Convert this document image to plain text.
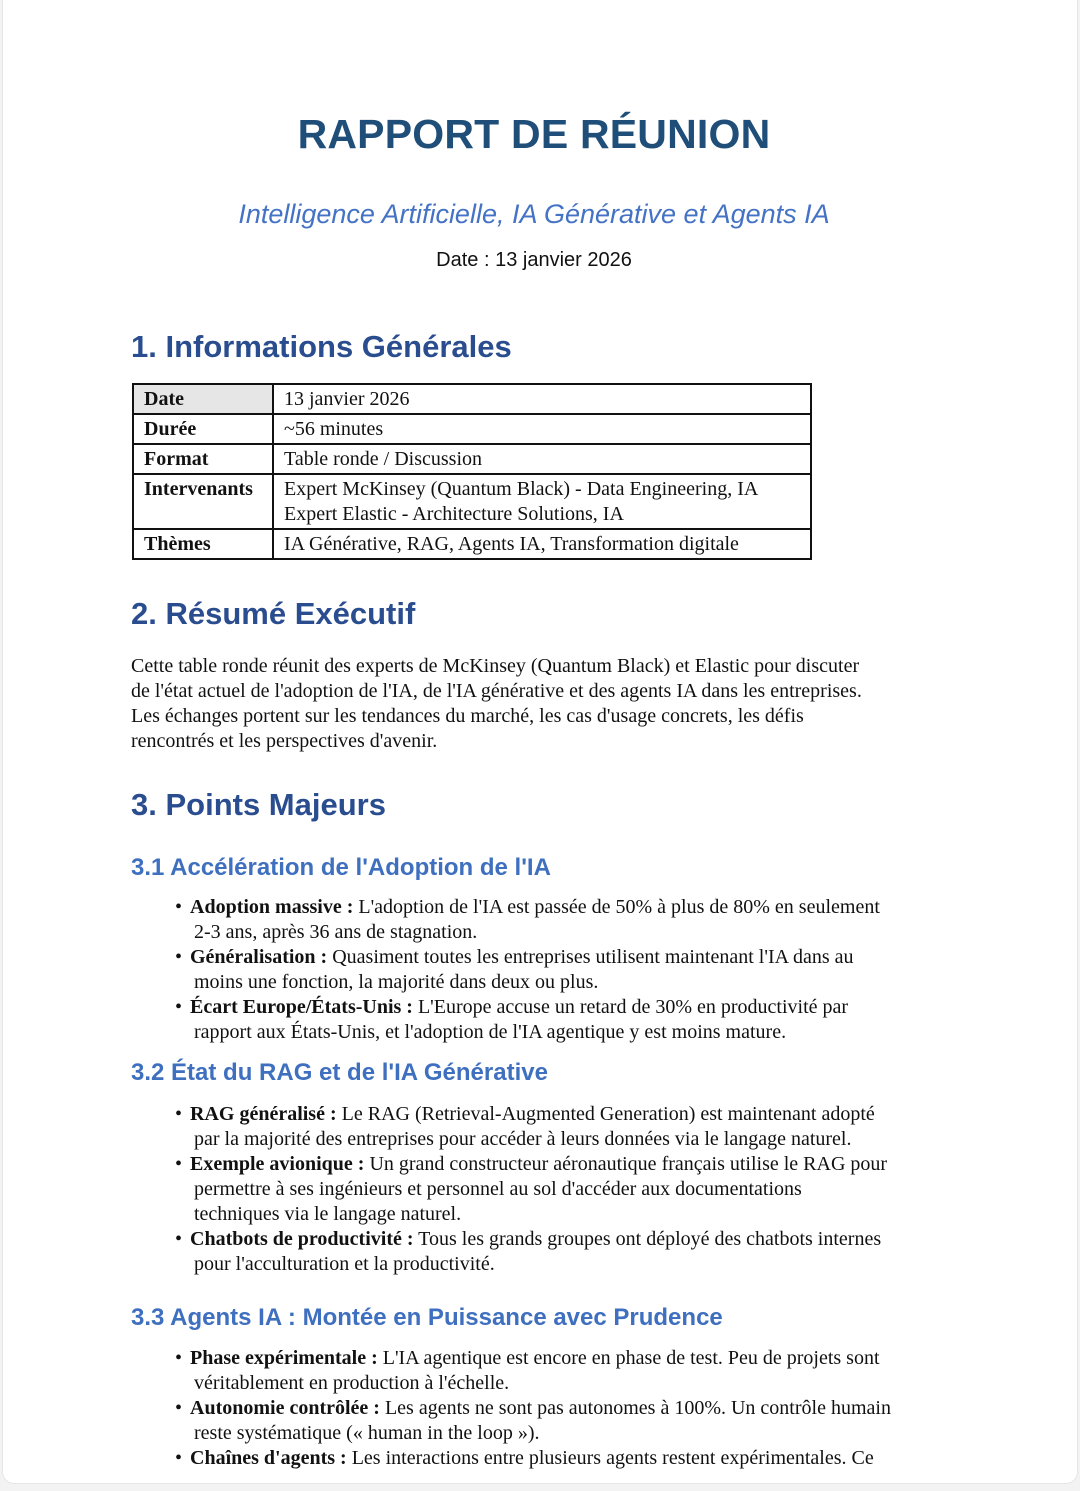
RAPPORT DE RÉUNION

Intelligence Artificielle, IA Générative et Agents IA

Date : 13 janvier 2026

1. Informations Générales
Date	13 janvier 2026
Durée	~56 minutes
Format	Table ronde / Discussion
Intervenants	Expert McKinsey (Quantum Black) - Data Engineering, IA
Expert Elastic - Architecture Solutions, IA

Thèmes	IA Générative, RAG, Agents IA, Transformation digitale
2. Résumé Exécutif
Cette table ronde réunit des experts de McKinsey (Quantum Black) et Elastic pour discuter
de l'état actuel de l'adoption de l'IA, de l'IA générative et des agents IA dans les entreprises.
Les échanges portent sur les tendances du marché, les cas d'usage concrets, les défis
rencontrés et les perspectives d'avenir.
3. Points Majeurs
3.1 Accélération de l'Adoption de l'IA
• Adoption massive : L'adoption de l'IA est passée de 50% à plus de 80% en seulement
2-3 ans, après 36 ans de stagnation.
• Généralisation : Quasiment toutes les entreprises utilisent maintenant l'IA dans au
moins une fonction, la majorité dans deux ou plus.
• Écart Europe/États-Unis : L'Europe accuse un retard de 30% en productivité par
rapport aux États-Unis, et l'adoption de l'IA agentique y est moins mature.
3.2 État du RAG et de l'IA Générative
• RAG généralisé : Le RAG (Retrieval-Augmented Generation) est maintenant adopté
par la majorité des entreprises pour accéder à leurs données via le langage naturel.
• Exemple avionique : Un grand constructeur aéronautique français utilise le RAG pour
permettre à ses ingénieurs et personnel au sol d'accéder aux documentations
techniques via le langage naturel.
• Chatbots de productivité : Tous les grands groupes ont déployé des chatbots internes
pour l'acculturation et la productivité.
3.3 Agents IA : Montée en Puissance avec Prudence
• Phase expérimentale : L'IA agentique est encore en phase de test. Peu de projets sont
véritablement en production à l'échelle.
• Autonomie contrôlée : Les agents ne sont pas autonomes à 100%. Un contrôle humain
reste systématique (« human in the loop »).
• Chaînes d'agents : Les interactions entre plusieurs agents restent expérimentales. Ce
